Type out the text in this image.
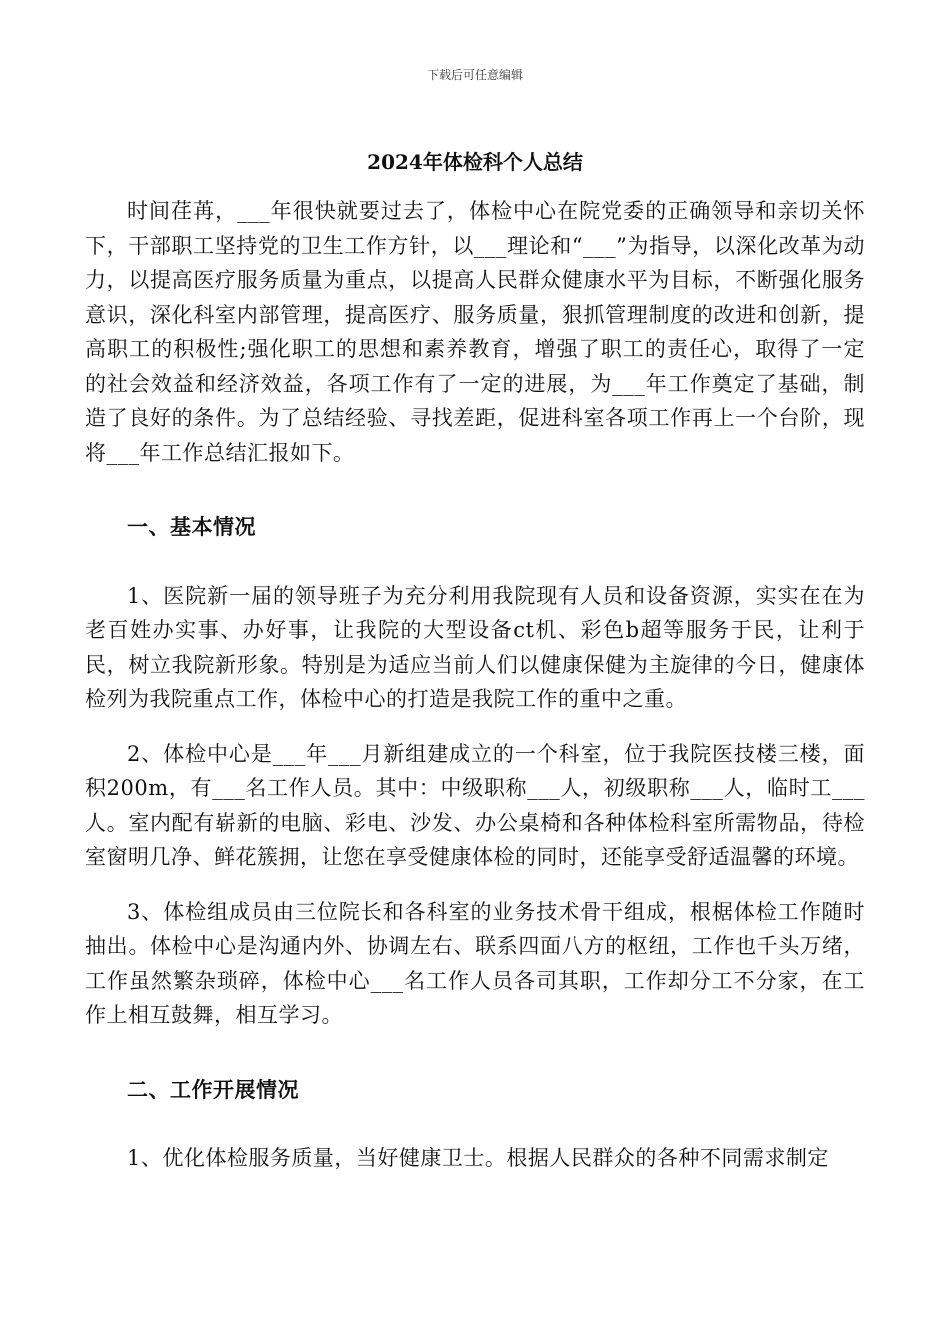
下载后可任意编辑
2024年体检科个人总结

时间荏苒，___年很快就要过去了，体检中心在院党委的正确领导和亲切关怀下，干部职工坚持党的卫生工作方针，以___理论和“___”为指导，以深化改革为动力，以提高医疗服务质量为重点，以提高人民群众健康水平为目标，不断强化服务意识，深化科室内部管理，提高医疗、服务质量，狠抓管理制度的改进和创新，提高职工的积极性;强化职工的思想和素养教育，增强了职工的责任心，取得了一定的社会效益和经济效益，各项工作有了一定的进展，为___年工作奠定了基础，制造了良好的条件。为了总结经验、寻找差距，促进科室各项工作再上一个台阶，现将___年工作总结汇报如下。

一、基本情况

1、医院新一届的领导班子为充分利用我院现有人员和设备资源，实实在在为老百姓办实事、办好事，让我院的大型设备ct机、彩色b超等服务于民，让利于民，树立我院新形象。特别是为适应当前人们以健康保健为主旋律的今日，健康体检列为我院重点工作，体检中心的打造是我院工作的重中之重。

2、体检中心是___年___月新组建成立的一个科室，位于我院医技楼三楼，面积200m，有___名工作人员。其中：中级职称___人，初级职称___人，临时工___人。室内配有崭新的电脑、彩电、沙发、办公桌椅和各种体检科室所需物品，待检室窗明几净、鲜花簇拥，让您在享受健康体检的同时，还能享受舒适温馨的环境。

3、体检组成员由三位院长和各科室的业务技术骨干组成，根椐体检工作随时抽出。体检中心是沟通内外、协调左右、联系四面八方的枢纽，工作也千头万绪，工作虽然繁杂琐碎，体检中心___名工作人员各司其职，工作却分工不分家，在工作上相互鼓舞，相互学习。

二、工作开展情况

1、优化体检服务质量，当好健康卫士。根据人民群众的各种不同需求制定
